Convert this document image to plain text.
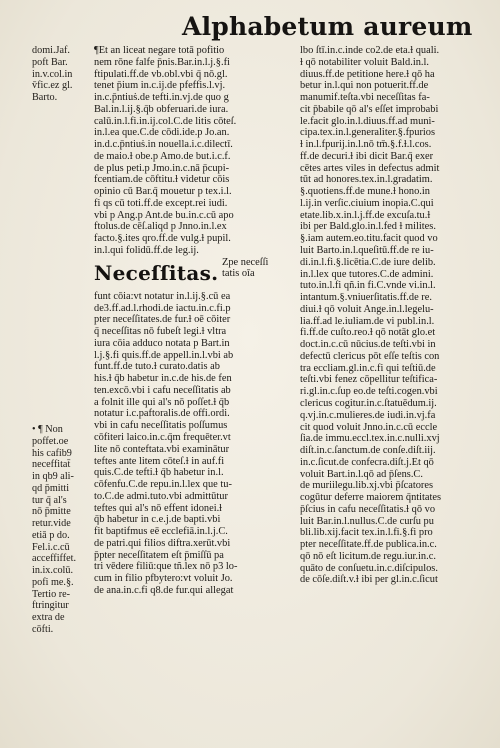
Alphabetum aureum
domi.Jaf.
poft Bar.
in.v.col.in
v̄fic.ez gl.
Barto.
• ¶ Non
poffet.oe
his cafib9
neceffitat̄
in qb9 ali-
qd p̄mitti
tur q̄ al's
nō p̄mitte
retur.vide
etiā p do.
Fel.i.c.cū
acceffiffet.
in.ix.colū.
pofi me.§.
Tertio re-
ftringitur
extra de
cōfti.
¶Et an liceat negare totā pofitio
nem rōne falfe p̄nis.Bar.in.l.j.§.fi
ftipulati.ff.de vb.obl.vbi q̄ nō.gl.
tenet p̄ium in.c.ij.de pfeffis.l.vj.
in.c.p̄ntiuṡ.de tefti.in.vj.de quo g
Bal.in.l.ij.§.q̄b obferuari.de iura.
calū.in.l.fi.in.ij.col.C.de litis cōteſ.
in.l.ea que.C.de cōdi.ide.p Jo.an.
in.d.c.p̄ntiuṡ.in nouella.i.c.dilectī.
de maio.ɫ obe.p Amo.de but.i.c.f.
de plus peti.p Jmo.in.c.nā p̄cupi-
fcentiam.de cōftitu.ɫ videtur cōis
opinio cū Bar.q̄ mouetur p tex.i.l.
fi qs cū toti.ff.de except.rei iudi.
vbi p Ang.p Ant.de bu.in.c.cū apo
ftolus.de cēſ.aliqd p Jnno.in.l.ex
facto.§.ites qro.ff.de vulg.ɫ pupil.
in.l.qui folidū.ff.de leg.ij.
Neceſſitas. Zpe neceſſi
tatis oīa
funt cōia:vt notatur in.l.ij.§.cū ea
de3.ff.ad.l.rhodi.de iactu.in.c.fi.p
pter neceſſitates.de fur.ɫ oē cōiter
q̄ neceſſitas nō fubeſt legi.ɫ vltra
iura cōia adduco notata p Bart.in
l.j.§.fi quis.ff.de appell.in.l.vbi ab
funt.ff.de tuto.ɫ curato.datis ab
his.ɫ q̄b habetur in.c.de his.de fen
ten.excō.vbi i cafu neceſſitatis ab
a folnit ille qui al's nō poſſet.ɫ q̄b
notatur i.c.paftoralis.de offi.ordi.
vbi in cafu neceſſitatis poſſumus
cōfiteri laico.in.c.q̄m frequēter.vt
lite nō conteftata.vbi examinātur
teftes ante litem cōteſ.ɫ in auf.fi
quis.C.de tefti.ɫ q̄b habetur in.l.
cōfenfu.C.de repu.in.l.lex que tu-
to.C.de admi.tuto.vbi admittūtur
teftes qui al's nō effent idonei.ɫ
q̄b habetur in c.e.j.de bapti.vbi
fit baptifmus eē ecclefiā.in.l.j.C.
de patri.qui filios diftra.xerūt.vbi
p̄pter neceſſitatem eſt p̄miſſū pa
tri vēdere filiū:que tñ.lex nō p3 lo-
cum in filio pfbytero:vt voluit Jo.
de ana.in.c.fi q8.de fur.qui allegat
lbo ſtī.in.c.inde co2.de eta.ɫ quali.
ɫ qō notabiliter voluit Bald.in.l.
diuus.ff.de petitione here.ɫ qō ha
betur in.l.qui non potuerit.ff.de
manumif.teſta.vbi neceſſitas fa-
cit p̄babile qō al's eſſet improbabi
le.facit glo.in.l.diuus.ff.ad muni-
cipa.tex.in.l.generaliter.§.fpurios
ɫ in.l.fpurij.in.l.nō tm̄.§.f.ɫ.l.cos.
ff.de decuri.ɫ ibi dicit Bar.q̄ exer
cētes artes viles in defectus admit
tūt ad honores.tex.in.l.gradatim.
§.quotiens.ff.de mune.ɫ hono.in
l.ij.in verſic.ciuium inopia.C.qui
etate.lib.x.in.l.j.ff.de excuſa.tu.ɫ
ibi per Bald.glo.in.l.fed ɫ milites.
§.iam autem.eo.titu.facit quod vo
luit Barto.in.l.queſitū.ff.de re iu-
di.in.l.fi.§.licētia.C.de iure delib.
in.l.lex que tutores.C.de admini.
tuto.in.l.fi qñ.in fi.C.vnde vi.in.l.
intantum.§.vniuerſitatis.ff.de re.
diui.ɫ qō voluit Ange.in.l.legelu-
lia.ff.ad le.iuliam.de vi publ.in.l.
fi.ff.de cuſto.reo.ɫ qō notāt glo.et
doct.in.c.cū nūcius.de teſti.vbi in
defectū clericus pōt eſſe teſtis con
tra eccliam.gl.in.c.fi qui teſtiū.de
teſti.vbi fenez cōpellitur teſtifica-
ri.gl.in.c.ſup eo.de teſti.cogen.vbi
clericus cogitur.in.c.ſtatuēdum.ij.
q.vj.in.c.mulieres.de iudi.in.vj.fa
cit quod voluit Jnno.in.c.cū eccle
ſia.de immu.eccl.tex.in.c.nulli.xvj
diſt.in.c.ſanctum.de conſe.diſt.iij.
in.c.ſicut.de confecra.diſt.j.Et qō
voluit Bart.in.l.qō ad p̄ſens.C.
de muriilegu.lib.xj.vbi p̄ſcatores
cogūtur deferre maiorem q̄ntitates
p̄ſcius in cafu neceſſitatis.ɫ qō vo
luit Bar.in.l.nullus.C.de curſu pu
bli.lib.xij.facit tex.in.l.fi.§.fi pro
pter neceſſitate.ff.de publica.in.c.
qō nō eſt licitum.de regu.iur.in.c.
quāto de conſuetu.in.c.diſcipulos.
de cōſe.diſt.v.ɫ ibi per gl.in.c.ſicut
